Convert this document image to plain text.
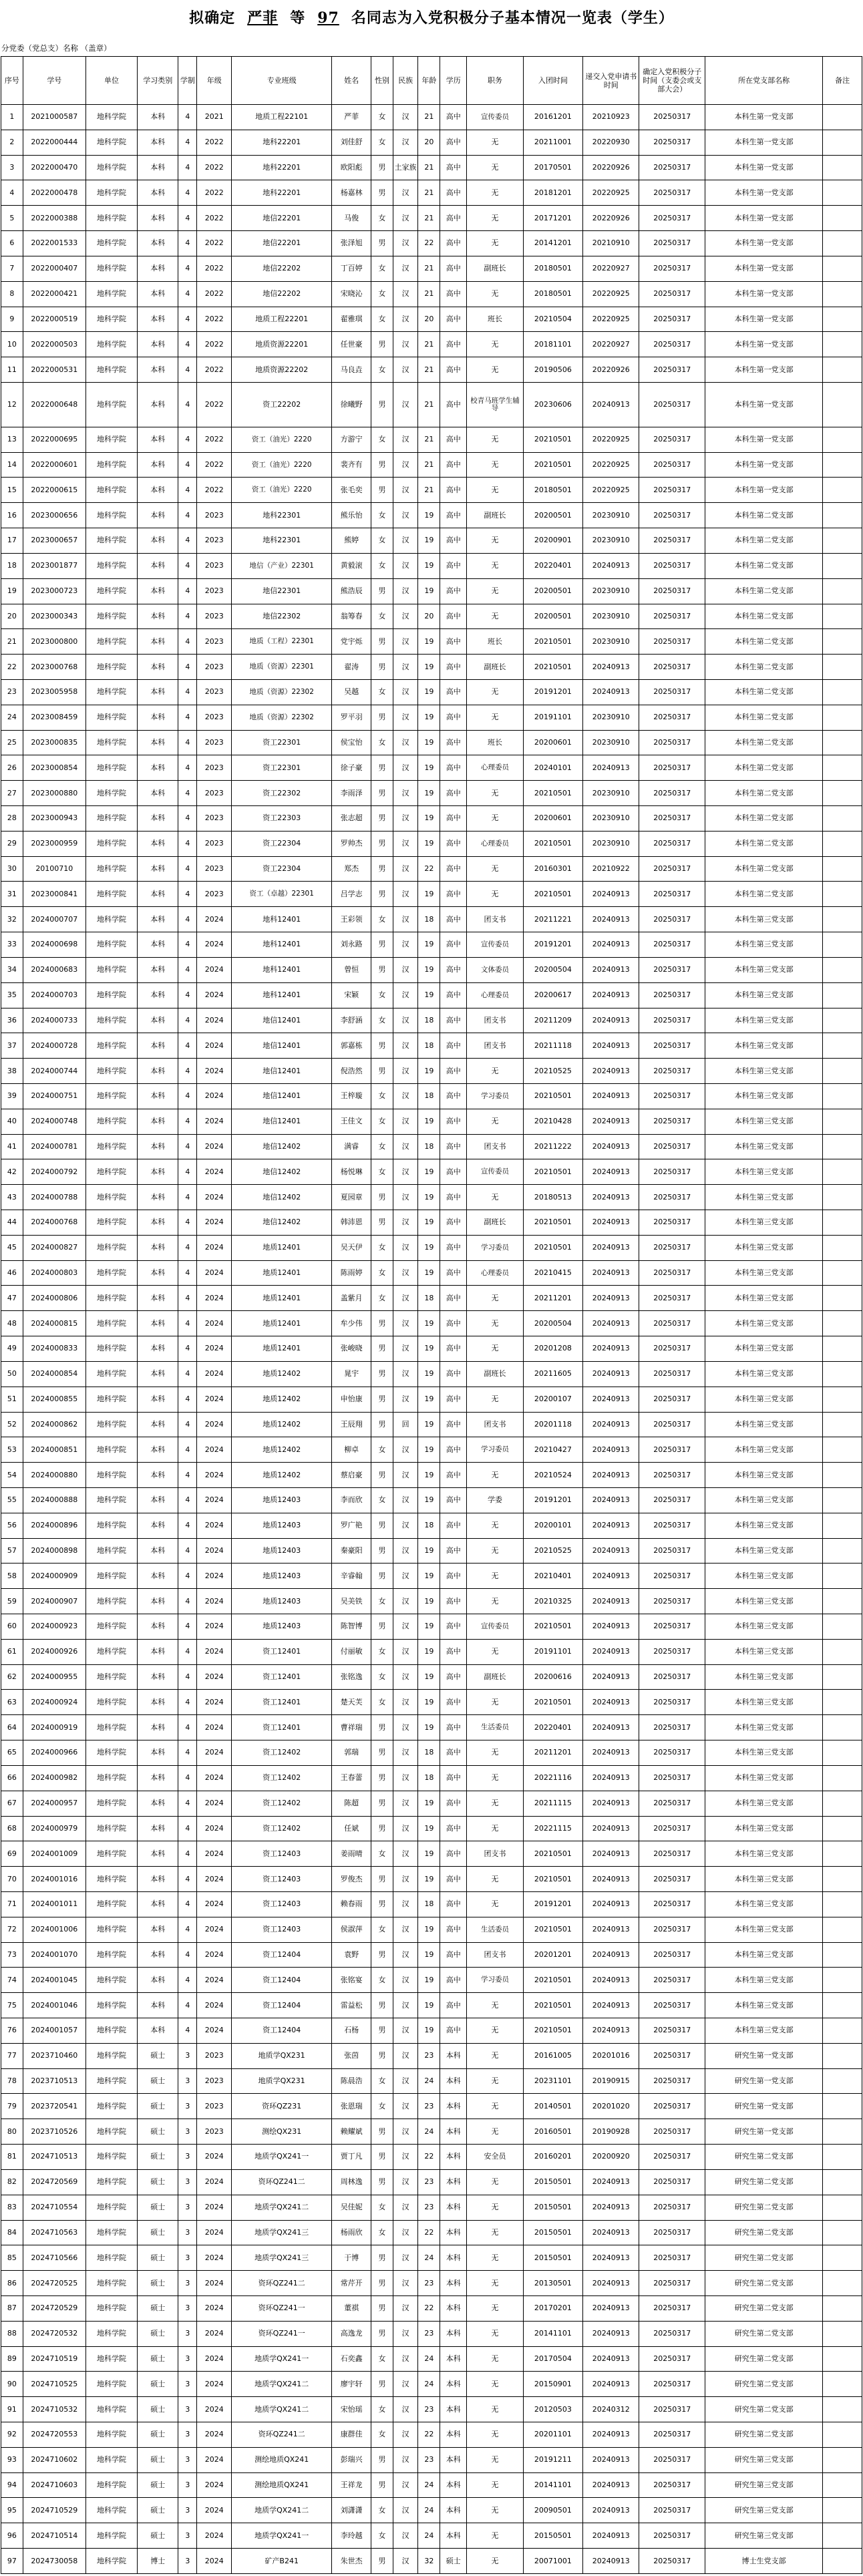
拟确定 严菲 等 97 名同志为入党积极分子基本情况一览表（学生）
分党委（党总支）名称 （盖章）
序号	学号	单位	学习类别	学制	年级	专业班级	姓名	性别	民族	年龄	学历	职务	入团时间	递交入党申请书时间	确定入党积极分子时间（支委会或支部大会）	所在党支部名称	备注
1	2021000587	地科学院	本科	4	2021	地质工程22101	严菲	女	汉	21	高中	宣传委员	20161201	20210923	20250317	本科生第一党支部	
2	2022000444	地科学院	本科	4	2022	地科22201	刘佳舒	女	汉	20	高中	无	20211001	20220930	20250317	本科生第一党支部	
3	2022000470	地科学院	本科	4	2022	地科22201	欧阳彪	男	土家族	21	高中	无	20170501	20220926	20250317	本科生第一党支部	
4	2022000478	地科学院	本科	4	2022	地科22201	杨嘉林	男	汉	21	高中	无	20181201	20220925	20250317	本科生第一党支部	
5	2022000388	地科学院	本科	4	2022	地信22201	马俊	女	汉	21	高中	无	20171201	20220926	20250317	本科生第一党支部	
6	2022001533	地科学院	本科	4	2022	地信22201	张泽旭	男	汉	22	高中	无	20141201	20210910	20250317	本科生第一党支部	
7	2022000407	地科学院	本科	4	2022	地信22202	丁百婷	女	汉	21	高中	副班长	20180501	20220927	20250317	本科生第一党支部	
8	2022000421	地科学院	本科	4	2022	地信22202	宋晓沁	女	汉	21	高中	无	20180501	20220925	20250317	本科生第一党支部	
9	2022000519	地科学院	本科	4	2022	地质工程22201	翟雅琪	女	汉	20	高中	班长	20210504	20220925	20250317	本科生第一党支部	
10	2022000503	地科学院	本科	4	2022	地质资源22201	任世豪	男	汉	21	高中	无	20181101	20220927	20250317	本科生第一党支部	
11	2022000531	地科学院	本科	4	2022	地质资源22202	马良垚	女	汉	21	高中	无	20190506	20220926	20250317	本科生第一党支部	
12	2022000648	地科学院	本科	4	2022	资工22202	徐曦野	男	汉	21	高中	校青马班学生辅导	20230606	20240913	20250317	本科生第一党支部	
13	2022000695	地科学院	本科	4	2022	资工（油光）2220	方游宁	女	汉	21	高中	无	20210501	20220925	20250317	本科生第一党支部	
14	2022000601	地科学院	本科	4	2022	资工（油光）2220	裴齐有	男	汉	21	高中	无	20210501	20220925	20250317	本科生第一党支部	
15	2022000615	地科学院	本科	4	2022	资工（油光）2220	张毛奕	男	汉	21	高中	无	20180501	20220925	20250317	本科生第一党支部	
16	2023000656	地科学院	本科	4	2023	地科22301	熊乐怡	女	汉	19	高中	副班长	20200501	20230910	20250317	本科生第二党支部	
17	2023000657	地科学院	本科	4	2023	地科22301	熊婷	女	汉	19	高中	无	20200901	20230910	20250317	本科生第二党支部	
18	2023001877	地科学院	本科	4	2023	地信（产业）22301	黄毅滚	女	汉	19	高中	无	20220401	20240913	20250317	本科生第二党支部	
19	2023000723	地科学院	本科	4	2023	地信22301	熊浩辰	男	汉	19	高中	无	20200501	20230910	20250317	本科生第二党支部	
20	2023000343	地科学院	本科	4	2023	地信22302	翁筹春	女	汉	20	高中	无	20200501	20230910	20250317	本科生第二党支部	
21	2023000800	地科学院	本科	4	2023	地质（工程）22301	党宇烁	男	汉	19	高中	班长	20210501	20230910	20250317	本科生第二党支部	
22	2023000768	地科学院	本科	4	2023	地质（资源）22301	翟涛	男	汉	19	高中	副班长	20210501	20240913	20250317	本科生第二党支部	
23	2023005958	地科学院	本科	4	2023	地质（资源）22302	吴越	女	汉	19	高中	无	20191201	20240913	20250317	本科生第二党支部	
24	2023008459	地科学院	本科	4	2023	地质（资源）22302	罗平羽	男	汉	19	高中	无	20191101	20230910	20250317	本科生第二党支部	
25	2023000835	地科学院	本科	4	2023	资工22301	侯宝怡	女	汉	19	高中	班长	20200601	20230910	20250317	本科生第二党支部	
26	2023000854	地科学院	本科	4	2023	资工22301	徐子豪	男	汉	19	高中	心理委员	20240101	20240913	20250317	本科生第二党支部	
27	2023000880	地科学院	本科	4	2023	资工22302	李雨泽	男	汉	19	高中	无	20210501	20230910	20250317	本科生第二党支部	
28	2023000943	地科学院	本科	4	2023	资工22303	张志超	男	汉	19	高中	无	20200601	20230910	20250317	本科生第二党支部	
29	2023000959	地科学院	本科	4	2023	资工22304	罗帅杰	男	汉	19	高中	心理委员	20210501	20230910	20250317	本科生第二党支部	
30	20100710	地科学院	本科	4	2023	资工22304	郑杰	男	汉	22	高中	无	20160301	20210922	20250317	本科生第二党支部	
31	2023000841	地科学院	本科	4	2023	资工（卓越）22301	吕学志	男	汉	19	高中	无	20210501	20240913	20250317	本科生第二党支部	
32	2024000707	地科学院	本科	4	2024	地科12401	王彩领	女	汉	18	高中	团支书	20211221	20240913	20250317	本科生第三党支部	
33	2024000698	地科学院	本科	4	2024	地科12401	刘永路	男	汉	19	高中	宣传委员	20191201	20240913	20250317	本科生第三党支部	
34	2024000683	地科学院	本科	4	2024	地科12401	曾恒	男	汉	19	高中	文体委员	20200504	20240913	20250317	本科生第三党支部	
35	2024000703	地科学院	本科	4	2024	地科12401	宋颖	女	汉	19	高中	心理委员	20200617	20240913	20250317	本科生第三党支部	
36	2024000733	地科学院	本科	4	2024	地信12401	李舒涵	女	汉	18	高中	团支书	20211209	20240913	20250317	本科生第三党支部	
37	2024000728	地科学院	本科	4	2024	地信12401	郭嘉栋	男	汉	18	高中	团支书	20211118	20240913	20250317	本科生第三党支部	
38	2024000744	地科学院	本科	4	2024	地信12401	倪浩然	男	汉	19	高中	无	20210525	20240913	20250317	本科生第三党支部	
39	2024000751	地科学院	本科	4	2024	地信12401	王梓璇	女	汉	18	高中	学习委员	20210501	20240913	20250317	本科生第三党支部	
40	2024000748	地科学院	本科	4	2024	地信12401	王佳文	女	汉	19	高中	无	20210428	20240913	20250317	本科生第三党支部	
41	2024000781	地科学院	本科	4	2024	地信12402	满睿	女	汉	18	高中	团支书	20211222	20240913	20250317	本科生第三党支部	
42	2024000792	地科学院	本科	4	2024	地信12402	杨悦琳	女	汉	19	高中	宣传委员	20210501	20240913	20250317	本科生第三党支部	
43	2024000788	地科学院	本科	4	2024	地信12402	夏园章	男	汉	19	高中	无	20180513	20240913	20250317	本科生第三党支部	
44	2024000768	地科学院	本科	4	2024	地信12402	韩沛恩	男	汉	19	高中	副班长	20210501	20240913	20250317	本科生第三党支部	
45	2024000827	地科学院	本科	4	2024	地质12401	吴天伊	女	汉	19	高中	学习委员	20210501	20240913	20250317	本科生第三党支部	
46	2024000803	地科学院	本科	4	2024	地质12401	陈雨婷	女	汉	19	高中	心理委员	20210415	20240913	20250317	本科生第三党支部	
47	2024000806	地科学院	本科	4	2024	地质12401	盖紫月	女	汉	18	高中	无	20211201	20240913	20250317	本科生第三党支部	
48	2024000815	地科学院	本科	4	2024	地质12401	牟少伟	男	汉	19	高中	无	20200504	20240913	20250317	本科生第三党支部	
49	2024000833	地科学院	本科	4	2024	地质12401	张峻晓	男	汉	19	高中	无	20201208	20240913	20250317	本科生第三党支部	
50	2024000854	地科学院	本科	4	2024	地质12402	晁宇	男	汉	19	高中	副班长	20211605	20240913	20250317	本科生第三党支部	
51	2024000855	地科学院	本科	4	2024	地质12402	申怡康	男	汉	19	高中	无	20200107	20240913	20250317	本科生第三党支部	
52	2024000862	地科学院	本科	4	2024	地质12402	王辰翔	男	回	19	高中	团支书	20201118	20240913	20250317	本科生第三党支部	
53	2024000851	地科学院	本科	4	2024	地质12402	柳卓	女	汉	19	高中	学习委员	20210427	20240913	20250317	本科生第三党支部	
54	2024000880	地科学院	本科	4	2024	地质12402	蔡启豪	男	汉	19	高中	无	20210524	20240913	20250317	本科生第三党支部	
55	2024000888	地科学院	本科	4	2024	地质12403	李而欣	女	汉	19	高中	学委	20191201	20240913	20250317	本科生第三党支部	
56	2024000896	地科学院	本科	4	2024	地质12403	罗广艳	男	汉	18	高中	无	20200101	20240913	20250317	本科生第三党支部	
57	2024000898	地科学院	本科	4	2024	地质12403	秦豪阳	男	汉	19	高中	无	20210525	20240913	20250317	本科生第三党支部	
58	2024000909	地科学院	本科	4	2024	地质12403	辛睿翰	男	汉	19	高中	无	20210401	20240913	20250317	本科生第三党支部	
59	2024000907	地科学院	本科	4	2024	地质12403	吴美铁	女	汉	19	高中	无	20210325	20240913	20250317	本科生第三党支部	
60	2024000923	地科学院	本科	4	2024	地质12403	陈智博	男	汉	19	高中	宣传委员	20210501	20240913	20250317	本科生第三党支部	
61	2024000926	地科学院	本科	4	2024	资工12401	付丽敏	女	汉	19	高中	无	20191101	20240913	20250317	本科生第三党支部	
62	2024000955	地科学院	本科	4	2024	资工12401	张铭逸	女	汉	19	高中	副班长	20200616	20240913	20250317	本科生第三党支部	
63	2024000924	地科学院	本科	4	2024	资工12401	楚天芙	女	汉	19	高中	无	20210501	20240913	20250317	本科生第三党支部	
64	2024000919	地科学院	本科	4	2024	资工12401	曹祥瑞	男	汉	19	高中	生活委员	20220401	20240913	20250317	本科生第三党支部	
65	2024000966	地科学院	本科	4	2024	资工12402	郭瑞	男	汉	18	高中	无	20211201	20240913	20250317	本科生第三党支部	
66	2024000982	地科学院	本科	4	2024	资工12402	王春蕾	男	汉	18	高中	无	20221116	20240913	20250317	本科生第三党支部	
67	2024000957	地科学院	本科	4	2024	资工12402	陈超	男	汉	19	高中	无	20211115	20240913	20250317	本科生第三党支部	
68	2024000979	地科学院	本科	4	2024	资工12402	任斌	男	汉	19	高中	无	20221115	20240913	20250317	本科生第三党支部	
69	2024001009	地科学院	本科	4	2024	资工12403	姜雨晴	女	汉	19	高中	团支书	20210501	20240913	20250317	本科生第三党支部	
70	2024001016	地科学院	本科	4	2024	资工12403	罗俊杰	男	汉	19	高中	无	20210501	20240913	20250317	本科生第三党支部	
71	2024001011	地科学院	本科	4	2024	资工12403	赖春雨	男	汉	18	高中	无	20191201	20240913	20250317	本科生第三党支部	
72	2024001006	地科学院	本科	4	2024	资工12403	侯淑萍	女	汉	19	高中	生活委员	20210501	20240913	20250317	本科生第三党支部	
73	2024001070	地科学院	本科	4	2024	资工12404	袁野	男	汉	19	高中	团支书	20201201	20240913	20250317	本科生第三党支部	
74	2024001045	地科学院	本科	4	2024	资工12404	张铭宴	女	汉	19	高中	学习委员	20210501	20240913	20250317	本科生第三党支部	
75	2024001046	地科学院	本科	4	2024	资工12404	雷益松	男	汉	19	高中	无	20210501	20240913	20250317	本科生第三党支部	
76	2024001057	地科学院	本科	4	2024	资工12404	石杨	男	汉	19	高中	无	20210501	20240913	20250317	本科生第三党支部	
77	2023710460	地科学院	硕士	3	2023	地质学QX231	张茵	男	汉	23	本科	无	20161005	20201016	20250317	研究生第一党支部	
78	2023710513	地科学院	硕士	3	2023	地质学QX231	陈晨浩	女	汉	24	本科	无	20231101	20190915	20250317	研究生第一党支部	
79	2023720541	地科学院	硕士	3	2023	资环QZ231	张恩瑞	女	汉	23	本科	无	20140501	20201020	20250317	研究生第一党支部	
80	2023710526	地科学院	硕士	3	2023	测绘QX231	赖耀斌	男	汉	24	本科	无	20160501	20190928	20250317	研究生第一党支部	
81	2024710513	地科学院	硕士	3	2024	地质学QX241一	贾丁凡	男	汉	22	本科	安全员	20160201	20200920	20250317	研究生第二党支部	
82	2024720569	地科学院	硕士	3	2024	资环QZ241二	周林逸	男	汉	23	本科	无	20150501	20240913	20250317	研究生第二党支部	
83	2024710554	地科学院	硕士	3	2024	地质学QX241二	吴佳妮	女	汉	23	本科	无	20150501	20240913	20250317	研究生第二党支部	
84	2024710563	地科学院	硕士	3	2024	地质学QX241三	杨雨欣	女	汉	22	本科	无	20150501	20240913	20250317	研究生第二党支部	
85	2024710566	地科学院	硕士	3	2024	地质学QX241三	于博	男	汉	24	本科	无	20150501	20240913	20250317	研究生第二党支部	
86	2024720525	地科学院	硕士	3	2024	资环QZ241二	常芹开	男	汉	23	本科	无	20130501	20240913	20250317	研究生第二党支部	
87	2024720529	地科学院	硕士	3	2024	资环QZ241一	董祺	男	汉	22	本科	无	20170201	20240913	20250317	研究生第二党支部	
88	2024720532	地科学院	硕士	3	2024	资环QZ241一	高逸龙	男	汉	23	本科	无	20141101	20240913	20250317	研究生第二党支部	
89	2024710519	地科学院	硕士	3	2024	地质学QX241一	石奕鑫	女	汉	24	本科	无	20170504	20240913	20250317	研究生第二党支部	
90	2024710525	地科学院	硕士	3	2024	地质学QX241二	廖宇轩	男	汉	24	本科	无	20150901	20240913	20250317	研究生第二党支部	
91	2024710532	地科学院	硕士	3	2024	地质学QX241二	宋怡瑶	女	汉	23	本科	无	20120503	20240312	20250317	研究生第二党支部	
92	2024720553	地科学院	硕士	3	2024	资环QZ241二	康群佳	女	汉	22	本科	无	20201101	20240913	20250317	研究生第二党支部	
93	2024710602	地科学院	硕士	3	2024	测绘地质QX241	彭瑞兴	男	汉	23	本科	无	20191211	20240913	20250317	研究生第三党支部	
94	2024710603	地科学院	硕士	3	2024	测绘地质QX241	王祥龙	男	汉	24	本科	无	20141101	20240913	20250317	研究生第三党支部	
95	2024710529	地科学院	硕士	3	2024	地质学QX241二	刘潇潇	女	汉	24	本科	无	20090501	20240913	20250317	研究生第三党支部	
96	2024710514	地科学院	硕士	3	2024	地质学QX241一	李玲越	女	汉	24	本科	无	20150501	20240913	20250317	研究生第三党支部	
97	2024730058	地科学院	博士	3	2024	矿产B241	朱世杰	男	汉	32	硕士	无	20071001	20240913	20250317	博士生党支部	
